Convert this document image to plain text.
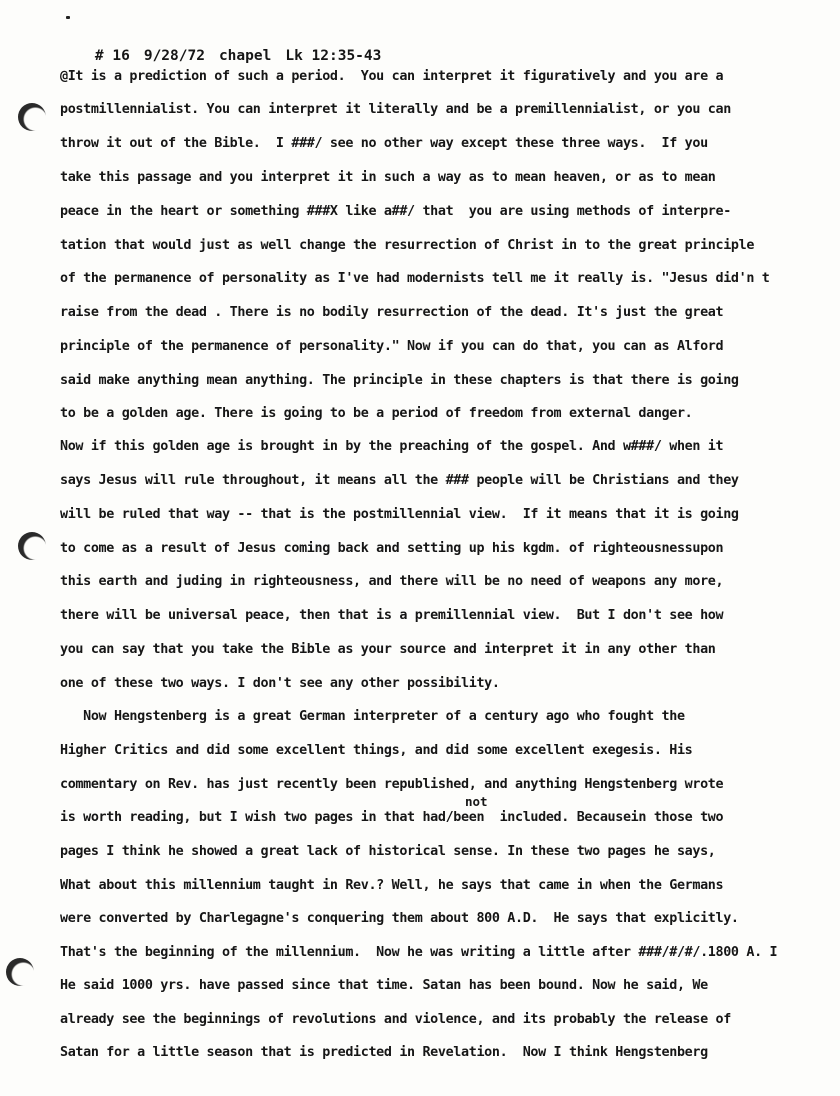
# 16 9/28/72 chapel Lk 12:35-43

@It is a prediction of such a period.  You can interpret it figuratively and you are a
postmillennialist. You can interpret it literally and be a premillennialist, or you can
throw it out of the Bible.  I ###/ see no other way except these three ways.  If you
take this passage and you interpret it in such a way as to mean heaven, or as to mean
peace in the heart or something ###X like a##/ that  you are using methods of interpre-
tation that would just as well change the resurrection of Christ in to the great principle
of the permanence of personality as I've had modernists tell me it really is. "Jesus did'n t
raise from the dead . There is no bodily resurrection of the dead. It's just the great
principle of the permanence of personality." Now if you can do that, you can as Alford
said make anything mean anything. The principle in these chapters is that there is going
to be a golden age. There is going to be a period of freedom from external danger.
Now if this golden age is brought in by the preaching of the gospel. And w###/ when it
says Jesus will rule throughout, it means all the ### people will be Christians and they
will be ruled that way -- that is the postmillennial view.  If it means that it is going
to come as a result of Jesus coming back and setting up his kgdm. of righteousnessupon
this earth and juding in righteousness, and there will be no need of weapons any more,
there will be universal peace, then that is a premillennial view.  But I don't see how
you can say that you take the Bible as your source and interpret it in any other than
one of these two ways. I don't see any other possibility.
Now Hengstenberg is a great German interpreter of a century ago who fought the
Higher Critics and did some excellent things, and did some excellent exegesis. His
commentary on Rev. has just recently been republished, and anything Hengstenberg wrote
not
is worth reading, but I wish two pages in that had/been  included. Becausein those two
pages I think he showed a great lack of historical sense. In these two pages he says,
What about this millennium taught in Rev.? Well, he says that came in when the Germans
were converted by Charlegagne's conquering them about 800 A.D.  He says that explicitly.
That's the beginning of the millennium.  Now he was writing a little after ###/#/#/.1800 A. I
He said 1000 yrs. have passed since that time. Satan has been bound. Now he said, We
already see the beginnings of revolutions and violence, and its probably the release of
Satan for a little season that is predicted in Revelation.  Now I think Hengstenberg
